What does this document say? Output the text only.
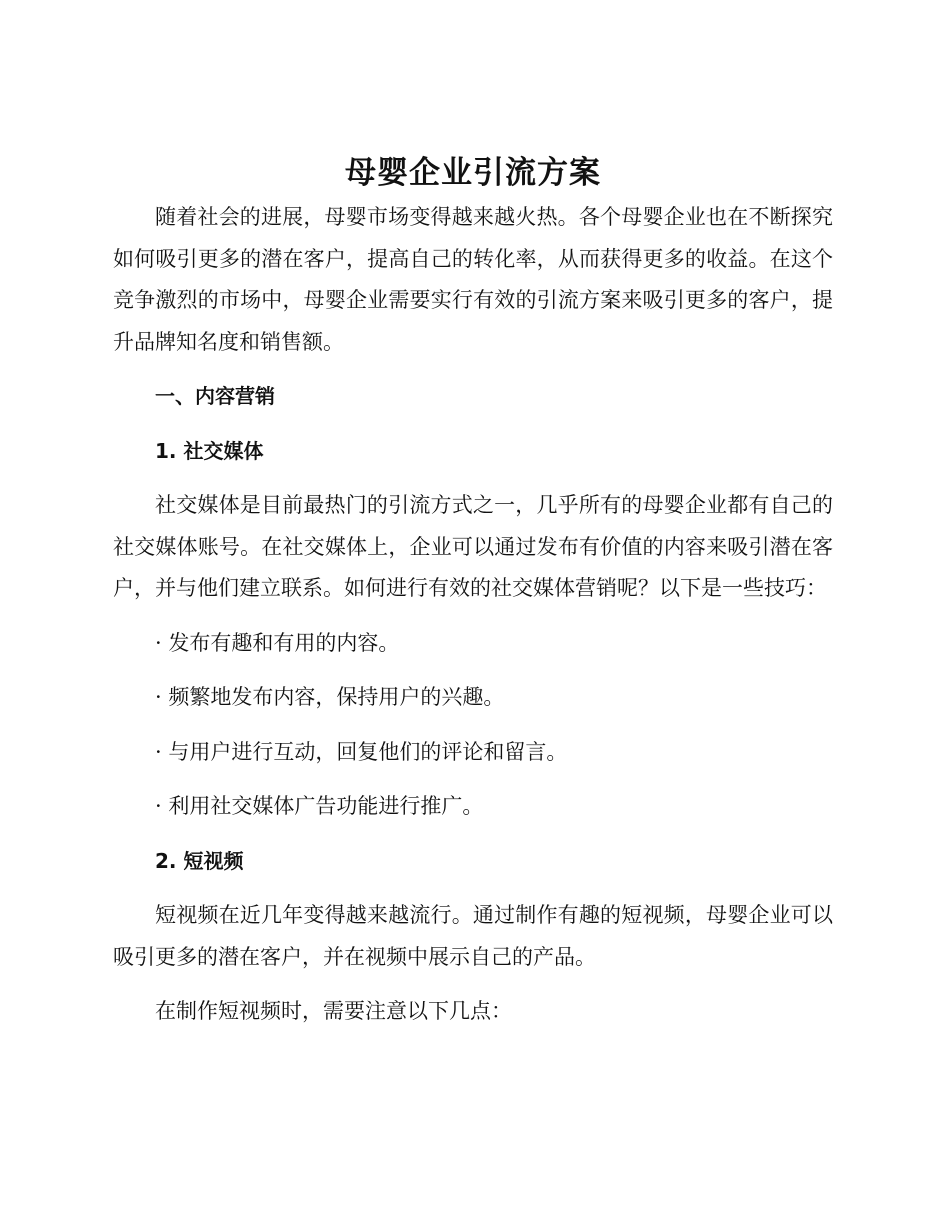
母婴企业引流方案

随着社会的进展，母婴市场变得越来越火热。各个母婴企业也在不断探究如何吸引更多的潜在客户，提高自己的转化率，从而获得更多的收益。在这个竞争激烈的市场中，母婴企业需要实行有效的引流方案来吸引更多的客户，提升品牌知名度和销售额。

一、内容营销
1. 社交媒体

社交媒体是目前最热门的引流方式之一，几乎所有的母婴企业都有自己的社交媒体账号。在社交媒体上，企业可以通过发布有价值的内容来吸引潜在客户，并与他们建立联系。如何进行有效的社交媒体营销呢？以下是一些技巧：

· 发布有趣和有用的内容。
· 频繁地发布内容，保持用户的兴趣。
· 与用户进行互动，回复他们的评论和留言。
· 利用社交媒体广告功能进行推广。
2. 短视频

短视频在近几年变得越来越流行。通过制作有趣的短视频，母婴企业可以吸引更多的潜在客户，并在视频中展示自己的产品。

在制作短视频时，需要注意以下几点：
